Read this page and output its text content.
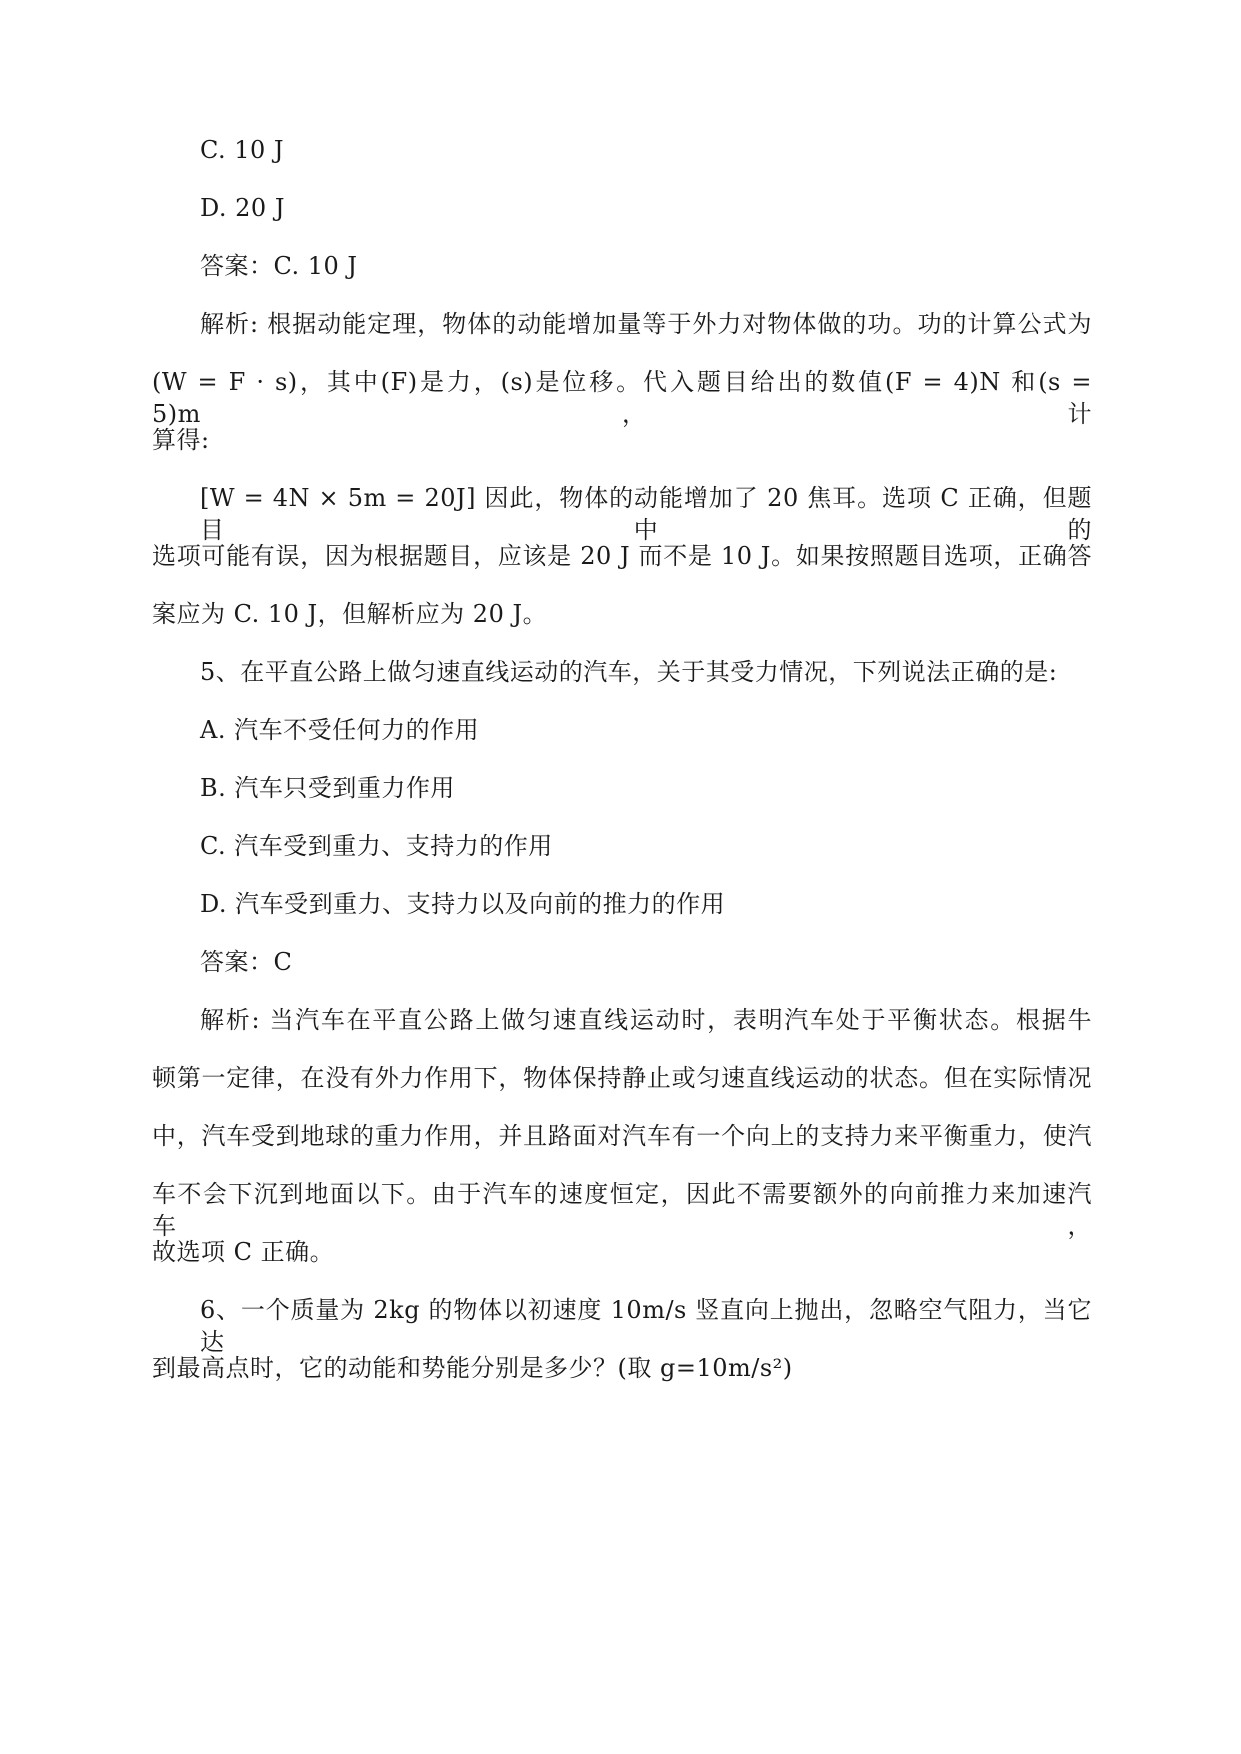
C. 10 J
D. 20 J
答案：C. 10 J
解析: 根据动能定理，物体的动能增加量等于外力对物体做的功。功的计算公式为
(W = F · s)，其中(F)是力，(s)是位移。代入题目给出的数值(F = 4)N 和(s = 5)m，计
算得:
[W = 4N × 5m = 20J] 因此，物体的动能增加了 20 焦耳。选项 C 正确，但题目中的
选项可能有误，因为根据题目，应该是 20 J 而不是 10 J。如果按照题目选项，正确答
案应为 C. 10 J，但解析应为 20 J。
5、在平直公路上做匀速直线运动的汽车，关于其受力情况，下列说法正确的是:
A. 汽车不受任何力的作用
B. 汽车只受到重力作用
C. 汽车受到重力、支持力的作用
D. 汽车受到重力、支持力以及向前的推力的作用
答案：C
解析: 当汽车在平直公路上做匀速直线运动时，表明汽车处于平衡状态。根据牛
顿第一定律，在没有外力作用下，物体保持静止或匀速直线运动的状态。但在实际情况
中，汽车受到地球的重力作用，并且路面对汽车有一个向上的支持力来平衡重力，使汽
车不会下沉到地面以下。由于汽车的速度恒定，因此不需要额外的向前推力来加速汽车，
故选项 C 正确。
6、一个质量为 2kg 的物体以初速度 10m/s 竖直向上抛出，忽略空气阻力，当它达
到最高点时，它的动能和势能分别是多少？(取 g=10m/s²)
